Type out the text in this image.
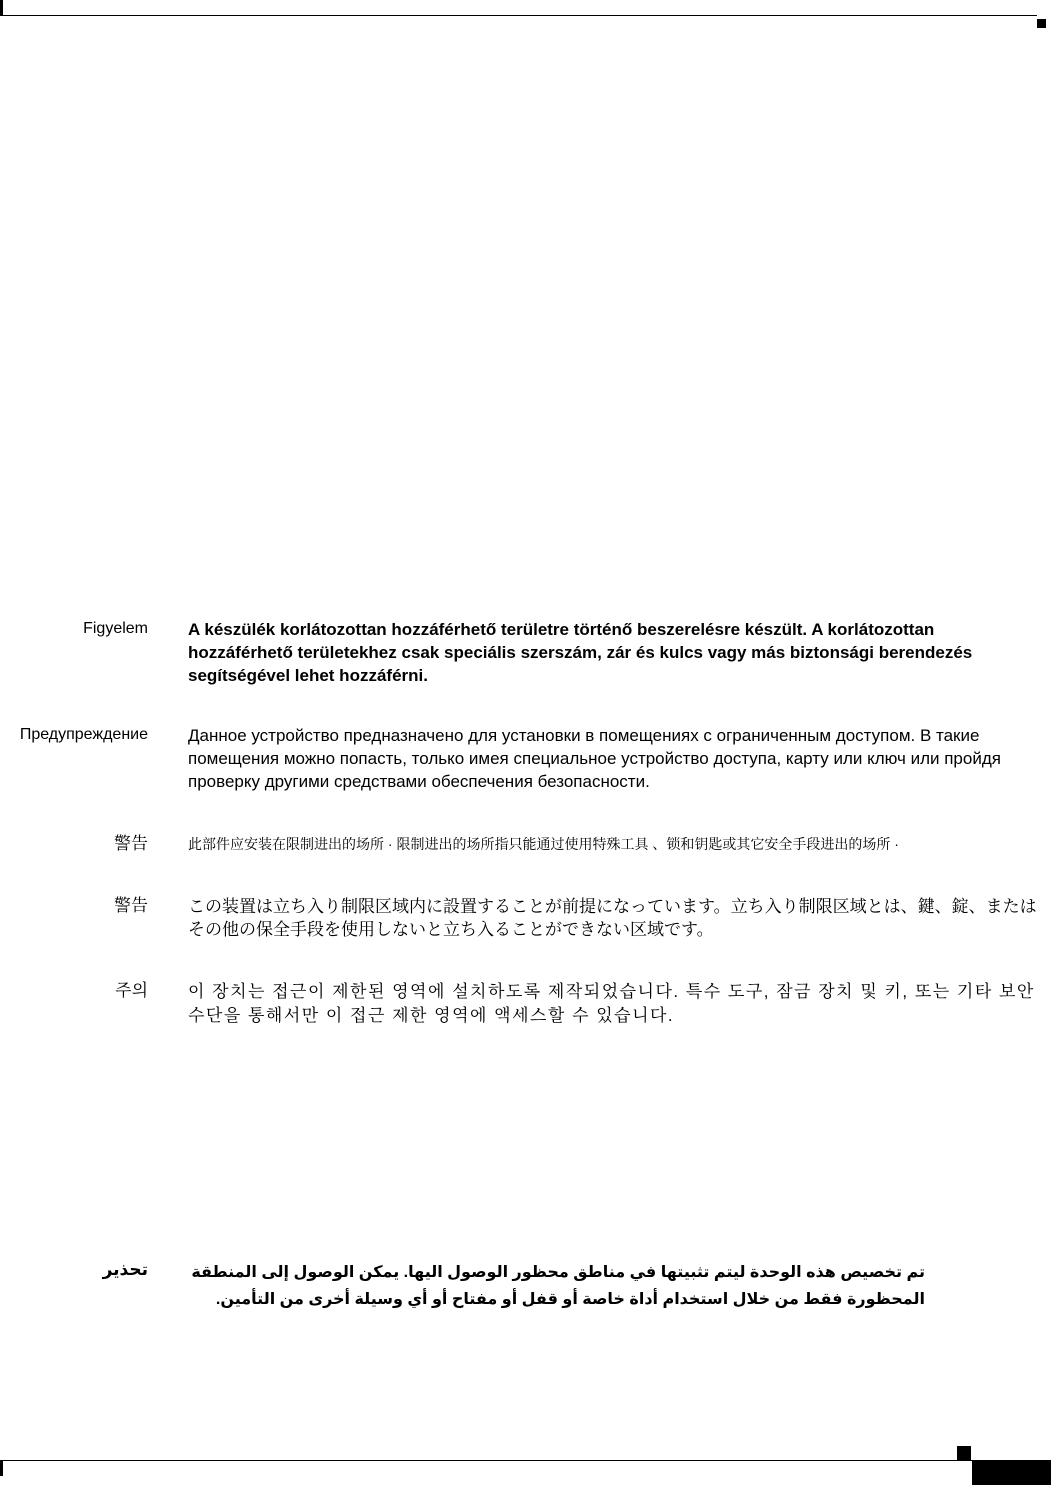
Figyelem A készülék korlátozottan hozzáférhető területre történő beszerelésre készült. A korlátozottan hozzáférhető területekhez csak speciális szerszám, zár és kulcs vagy más biztonsági berendezés segítségével lehet hozzáférni.
Предупреждение Данное устройство предназначено для установки в помещениях с ограниченным доступом. В такие помещения можно попасть, только имея специальное устройство доступа, карту или ключ или пройдя проверку другими средствами обеспечения безопасности.
警告	此部件应安装在限制进出的场所 · 限制进出的场所指只能通过使用特殊工具 、锁和钥匙或其它安全手段进出的场所 ·
警告 この装置は立ち入り制限区域内に設置することが前提になっています。立ち入り制限区域とは、鍵、錠、またはその他の保全手段を使用しないと立ち入ることができない区域です。
주의 이 장치는 접근이 제한된 영역에 설치하도록 제작되었습니다. 특수 도구, 잠금 장치 및 키, 또는 기타 보안 수단을 통해서만 이 접근 제한 영역에 액세스할 수 있습니다.
تحذير	تم تخصيص هذه الوحدة ليتم تثبيتها في مناطق محظور الوصول اليها. يمكن الوصول إلى المنطقة المحظورة فقط من خلال استخدام أداة خاصة أو قفل أو مفتاح أو أي وسيلة أخرى من التأمين.
